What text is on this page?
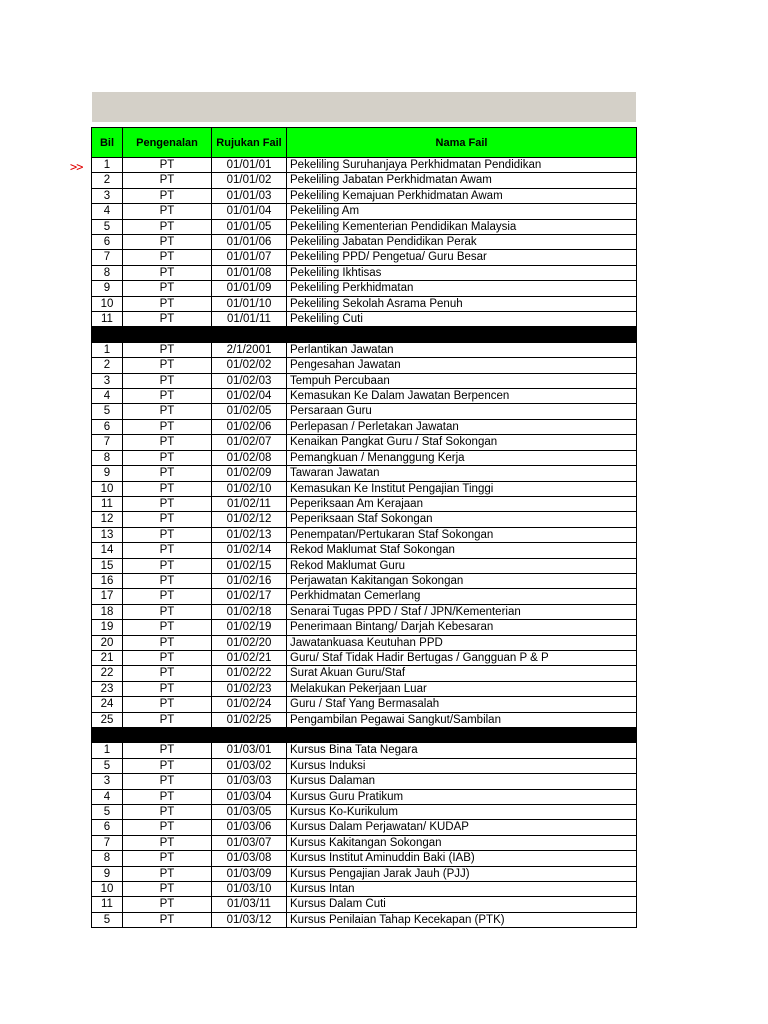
>>
Bil	Pengenalan	Rujukan Fail	Nama Fail
1	PT	01/01/01	Pekeliling Suruhanjaya Perkhidmatan Pendidikan
2	PT	01/01/02	Pekeliling Jabatan Perkhidmatan Awam
3	PT	01/01/03	Pekeliling Kemajuan Perkhidmatan Awam
4	PT	01/01/04	Pekeliling Am
5	PT	01/01/05	Pekeliling Kementerian Pendidikan Malaysia
6	PT	01/01/06	Pekeliling Jabatan Pendidikan Perak
7	PT	01/01/07	Pekeliling PPD/ Pengetua/ Guru Besar
8	PT	01/01/08	Pekeliling Ikhtisas
9	PT	01/01/09	Pekeliling Perkhidmatan
10	PT	01/01/10	Pekeliling Sekolah Asrama Penuh
11	PT	01/01/11	Pekeliling Cuti

1	PT	2/1/2001	Perlantikan Jawatan
2	PT	01/02/02	Pengesahan Jawatan
3	PT	01/02/03	Tempuh Percubaan
4	PT	01/02/04	Kemasukan Ke Dalam Jawatan Berpencen
5	PT	01/02/05	Persaraan Guru
6	PT	01/02/06	Perlepasan / Perletakan Jawatan
7	PT	01/02/07	Kenaikan Pangkat Guru / Staf Sokongan
8	PT	01/02/08	Pemangkuan / Menanggung Kerja
9	PT	01/02/09	Tawaran Jawatan
10	PT	01/02/10	Kemasukan Ke Institut Pengajian Tinggi
11	PT	01/02/11	Peperiksaan Am Kerajaan
12	PT	01/02/12	Peperiksaan Staf Sokongan
13	PT	01/02/13	Penempatan/Pertukaran Staf Sokongan
14	PT	01/02/14	Rekod Maklumat Staf Sokongan
15	PT	01/02/15	Rekod Maklumat Guru
16	PT	01/02/16	Perjawatan Kakitangan Sokongan
17	PT	01/02/17	Perkhidmatan Cemerlang
18	PT	01/02/18	Senarai Tugas PPD / Staf / JPN/Kementerian
19	PT	01/02/19	Penerimaan Bintang/ Darjah Kebesaran
20	PT	01/02/20	Jawatankuasa Keutuhan PPD
21	PT	01/02/21	Guru/ Staf Tidak Hadir Bertugas / Gangguan P & P
22	PT	01/02/22	Surat Akuan Guru/Staf
23	PT	01/02/23	Melakukan Pekerjaan Luar
24	PT	01/02/24	Guru / Staf Yang Bermasalah
25	PT	01/02/25	Pengambilan Pegawai Sangkut/Sambilan

1	PT	01/03/01	Kursus Bina Tata Negara
5	PT	01/03/02	Kursus Induksi
3	PT	01/03/03	Kursus Dalaman
4	PT	01/03/04	Kursus Guru Pratikum
5	PT	01/03/05	Kursus Ko-Kurikulum
6	PT	01/03/06	Kursus Dalam Perjawatan/ KUDAP
7	PT	01/03/07	Kursus Kakitangan Sokongan
8	PT	01/03/08	Kursus Institut Aminuddin Baki (IAB)
9	PT	01/03/09	Kursus Pengajian Jarak Jauh (PJJ)
10	PT	01/03/10	Kursus Intan
11	PT	01/03/11	Kursus Dalam Cuti
5	PT	01/03/12	Kursus Penilaian Tahap Kecekapan (PTK)
